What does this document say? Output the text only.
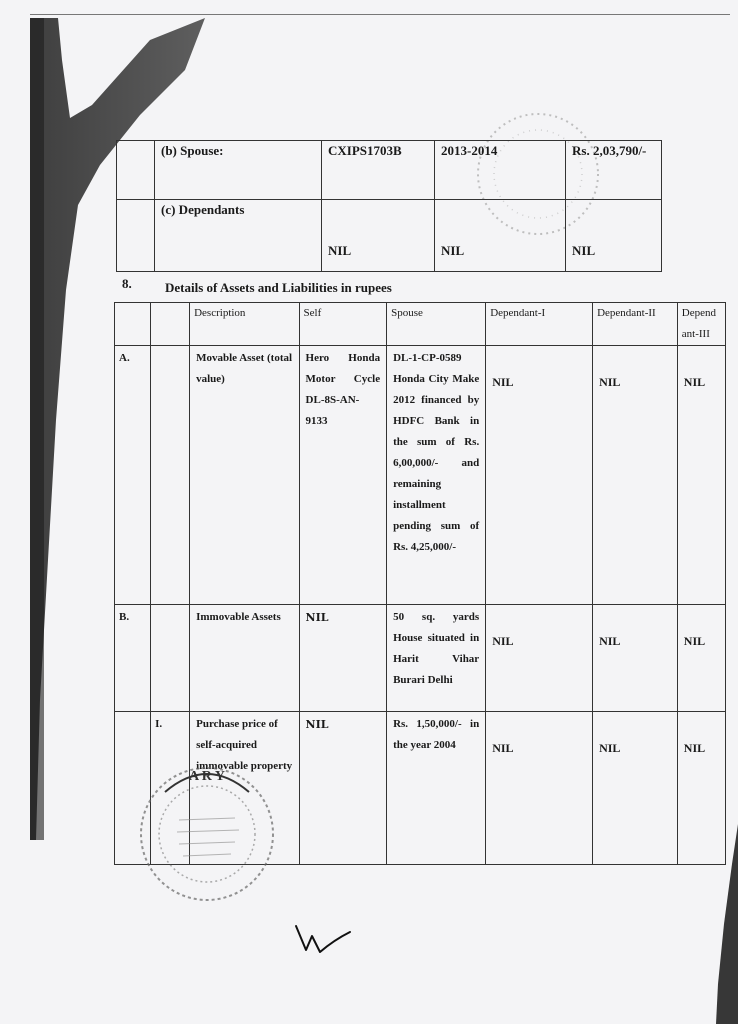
	(b) Spouse:	CXIPS1703B	2013-2014	Rs. 2,03,790/-
	(c) Dependants	NIL	NIL	NIL
8.	Details of Assets and Liabilities in rupees
		Description	Self	Spouse	Dependant-I	Dependant-II	Depend ant-III
A.		Movable Asset (total value)	Hero Honda Motor Cycle DL-8S-AN-9133	DL-1-CP-0589 Honda City Make 2012 financed by HDFC Bank in the sum of Rs. 6,00,000/- and remaining installment pending sum of Rs. 4,25,000/-	NIL	NIL	NIL
B.		Immovable Assets	NIL	50 sq. yards House situated in Harit Vihar Burari Delhi	NIL	NIL	NIL
	I.	Purchase price of self-acquired immovable property	NIL	Rs. 1,50,000/- in the year 2004	NIL	NIL	NIL
A R Y
